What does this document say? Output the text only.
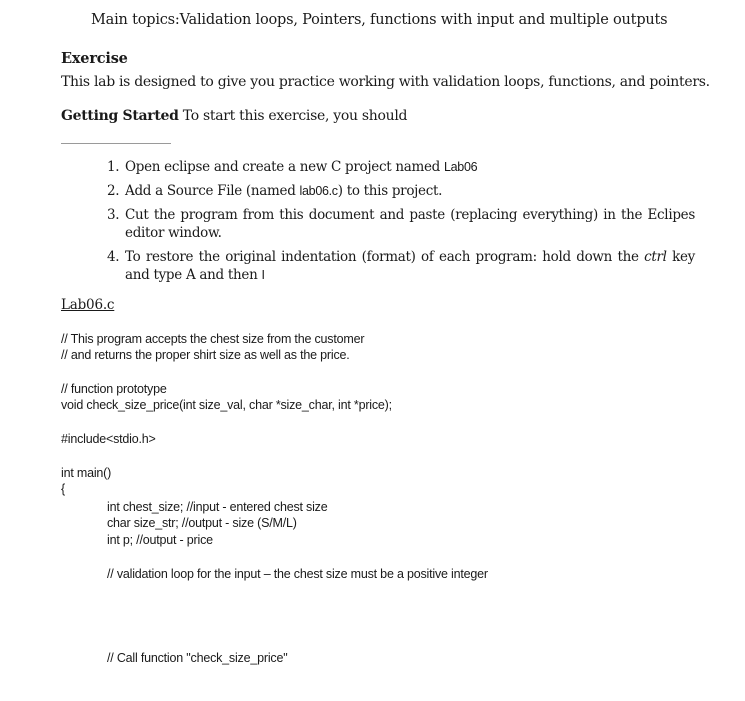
Main topics:Validation loops, Pointers, functions with input and multiple outputs
Exercise
This lab is designed to give you practice working with validation loops, functions, and pointers.
Getting Started To start this exercise, you should
1. Open eclipse and create a new C project named Lab06
2. Add a Source File (named lab06.c) to this project.
3. Cut the program from this document and paste (replacing everything) in the Eclipes editor window.
4. To restore the original indentation (format) of each program: hold down the ctrl key and type A and then I
Lab06.c
// This program accepts the chest size from the customer
// and returns the proper shirt size as well as the price.
// function prototype
void check_size_price(int size_val, char *size_char, int *price);
#include<stdio.h>
int main()
{
int chest_size; //input - entered chest size
char size_str; //output - size (S/M/L)
int p; //output - price
// validation loop for the input – the chest size must be a positive integer
// Call function "check_size_price"
